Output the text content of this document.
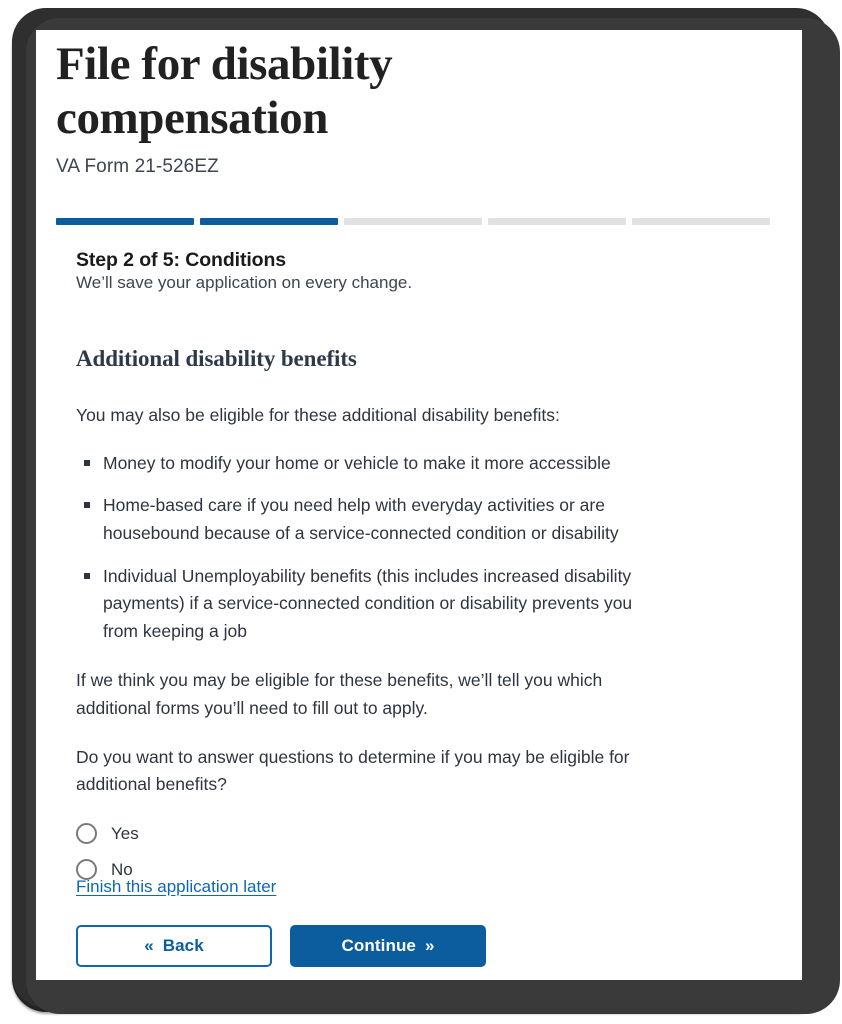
File for disability compensation
VA Form 21-526EZ
Step 2 of 5: Conditions

We’ll save your application on every change.

Additional disability benefits

You may also be eligible for these additional disability benefits:

Money to modify your home or vehicle to make it more accessible
Home-based care if you need help with everyday activities or are housebound because of a service-connected condition or disability
Individual Unemployability benefits (this includes increased disability payments) if a service-connected condition or disability prevents you from keeping a job

If we think you may be eligible for these benefits, we’ll tell you which additional forms you’ll need to fill out to apply.

Do you want to answer questions to determine if you may be eligible for additional benefits?

Yes
No
Finish this application later
« Back	Continue »
